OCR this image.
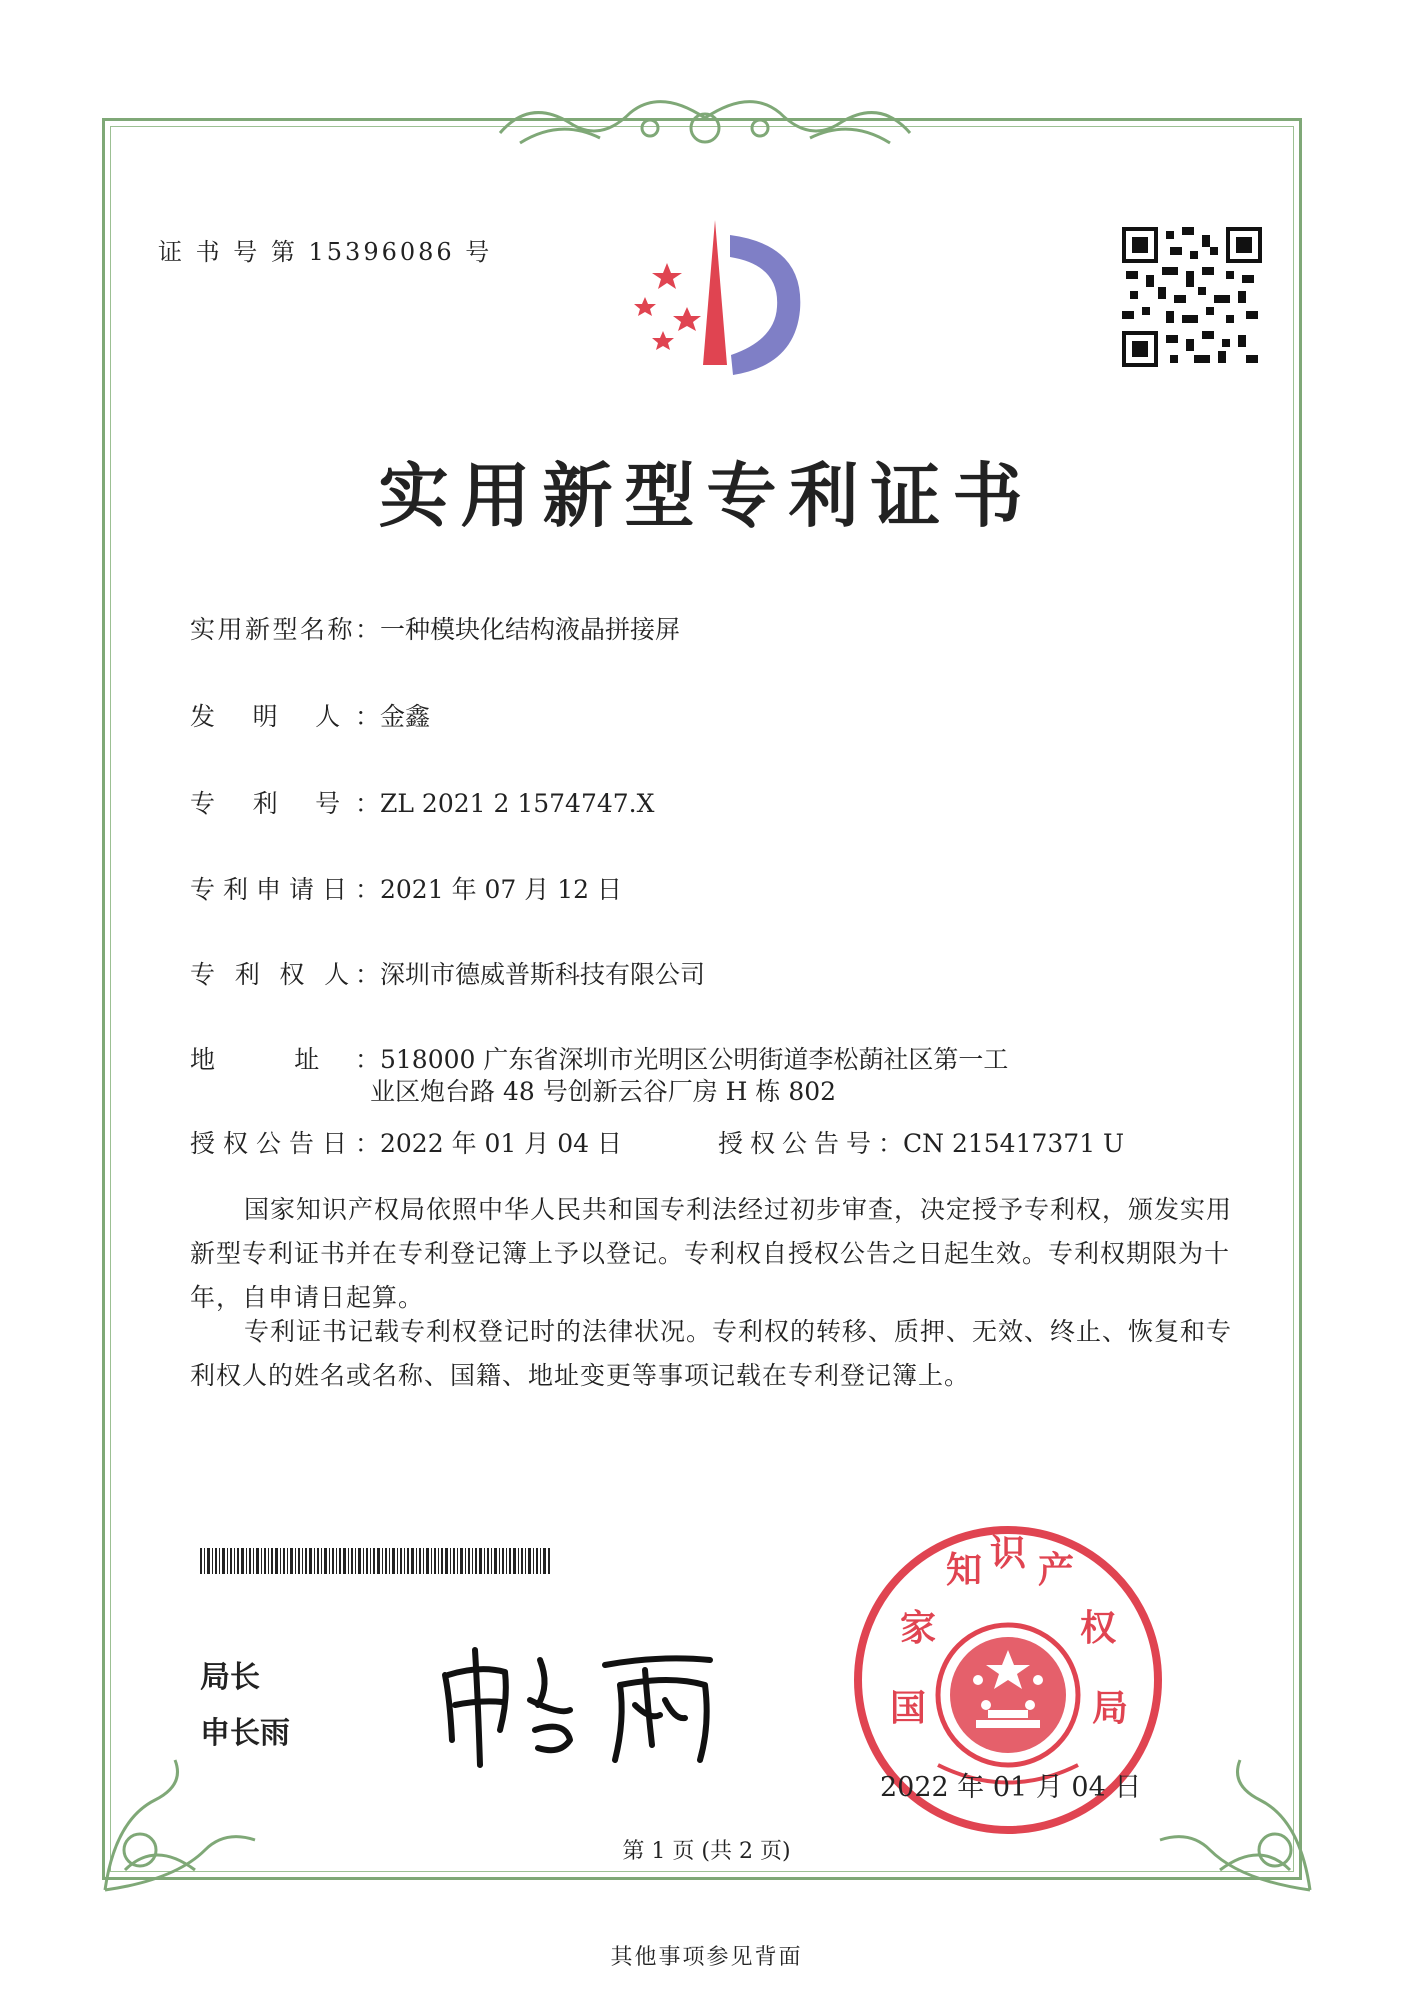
证 书 号 第 15396086 号
实用新型专利证书
实用新型名称：一种模块化结构液晶拼接屏
发 明 人：金鑫
专 利 号：ZL 2021 2 1574747.X
专利申请日：2021 年 07 月 12 日
专 利 权 人：深圳市德威普斯科技有限公司
地 址：518000 广东省深圳市光明区公明街道李松蓢社区第一工
业区炮台路 48 号创新云谷厂房 H 栋 802
授权公告日：2022 年 01 月 04 日	授权公告号：CN 215417371 U
国家知识产权局依照中华人民共和国专利法经过初步审查，决定授予专利权，颁发实用新型专利证书并在专利登记簿上予以登记。专利权自授权公告之日起生效。专利权期限为十年，自申请日起算。
专利证书记载专利权登记时的法律状况。专利权的转移、质押、无效、终止、恢复和专利权人的姓名或名称、国籍、地址变更等事项记载在专利登记簿上。
局长
申长雨
国
家
知 识 产
权
局
2022 年 01 月 04 日
第 1 页 (共 2 页)
其他事项参见背面
